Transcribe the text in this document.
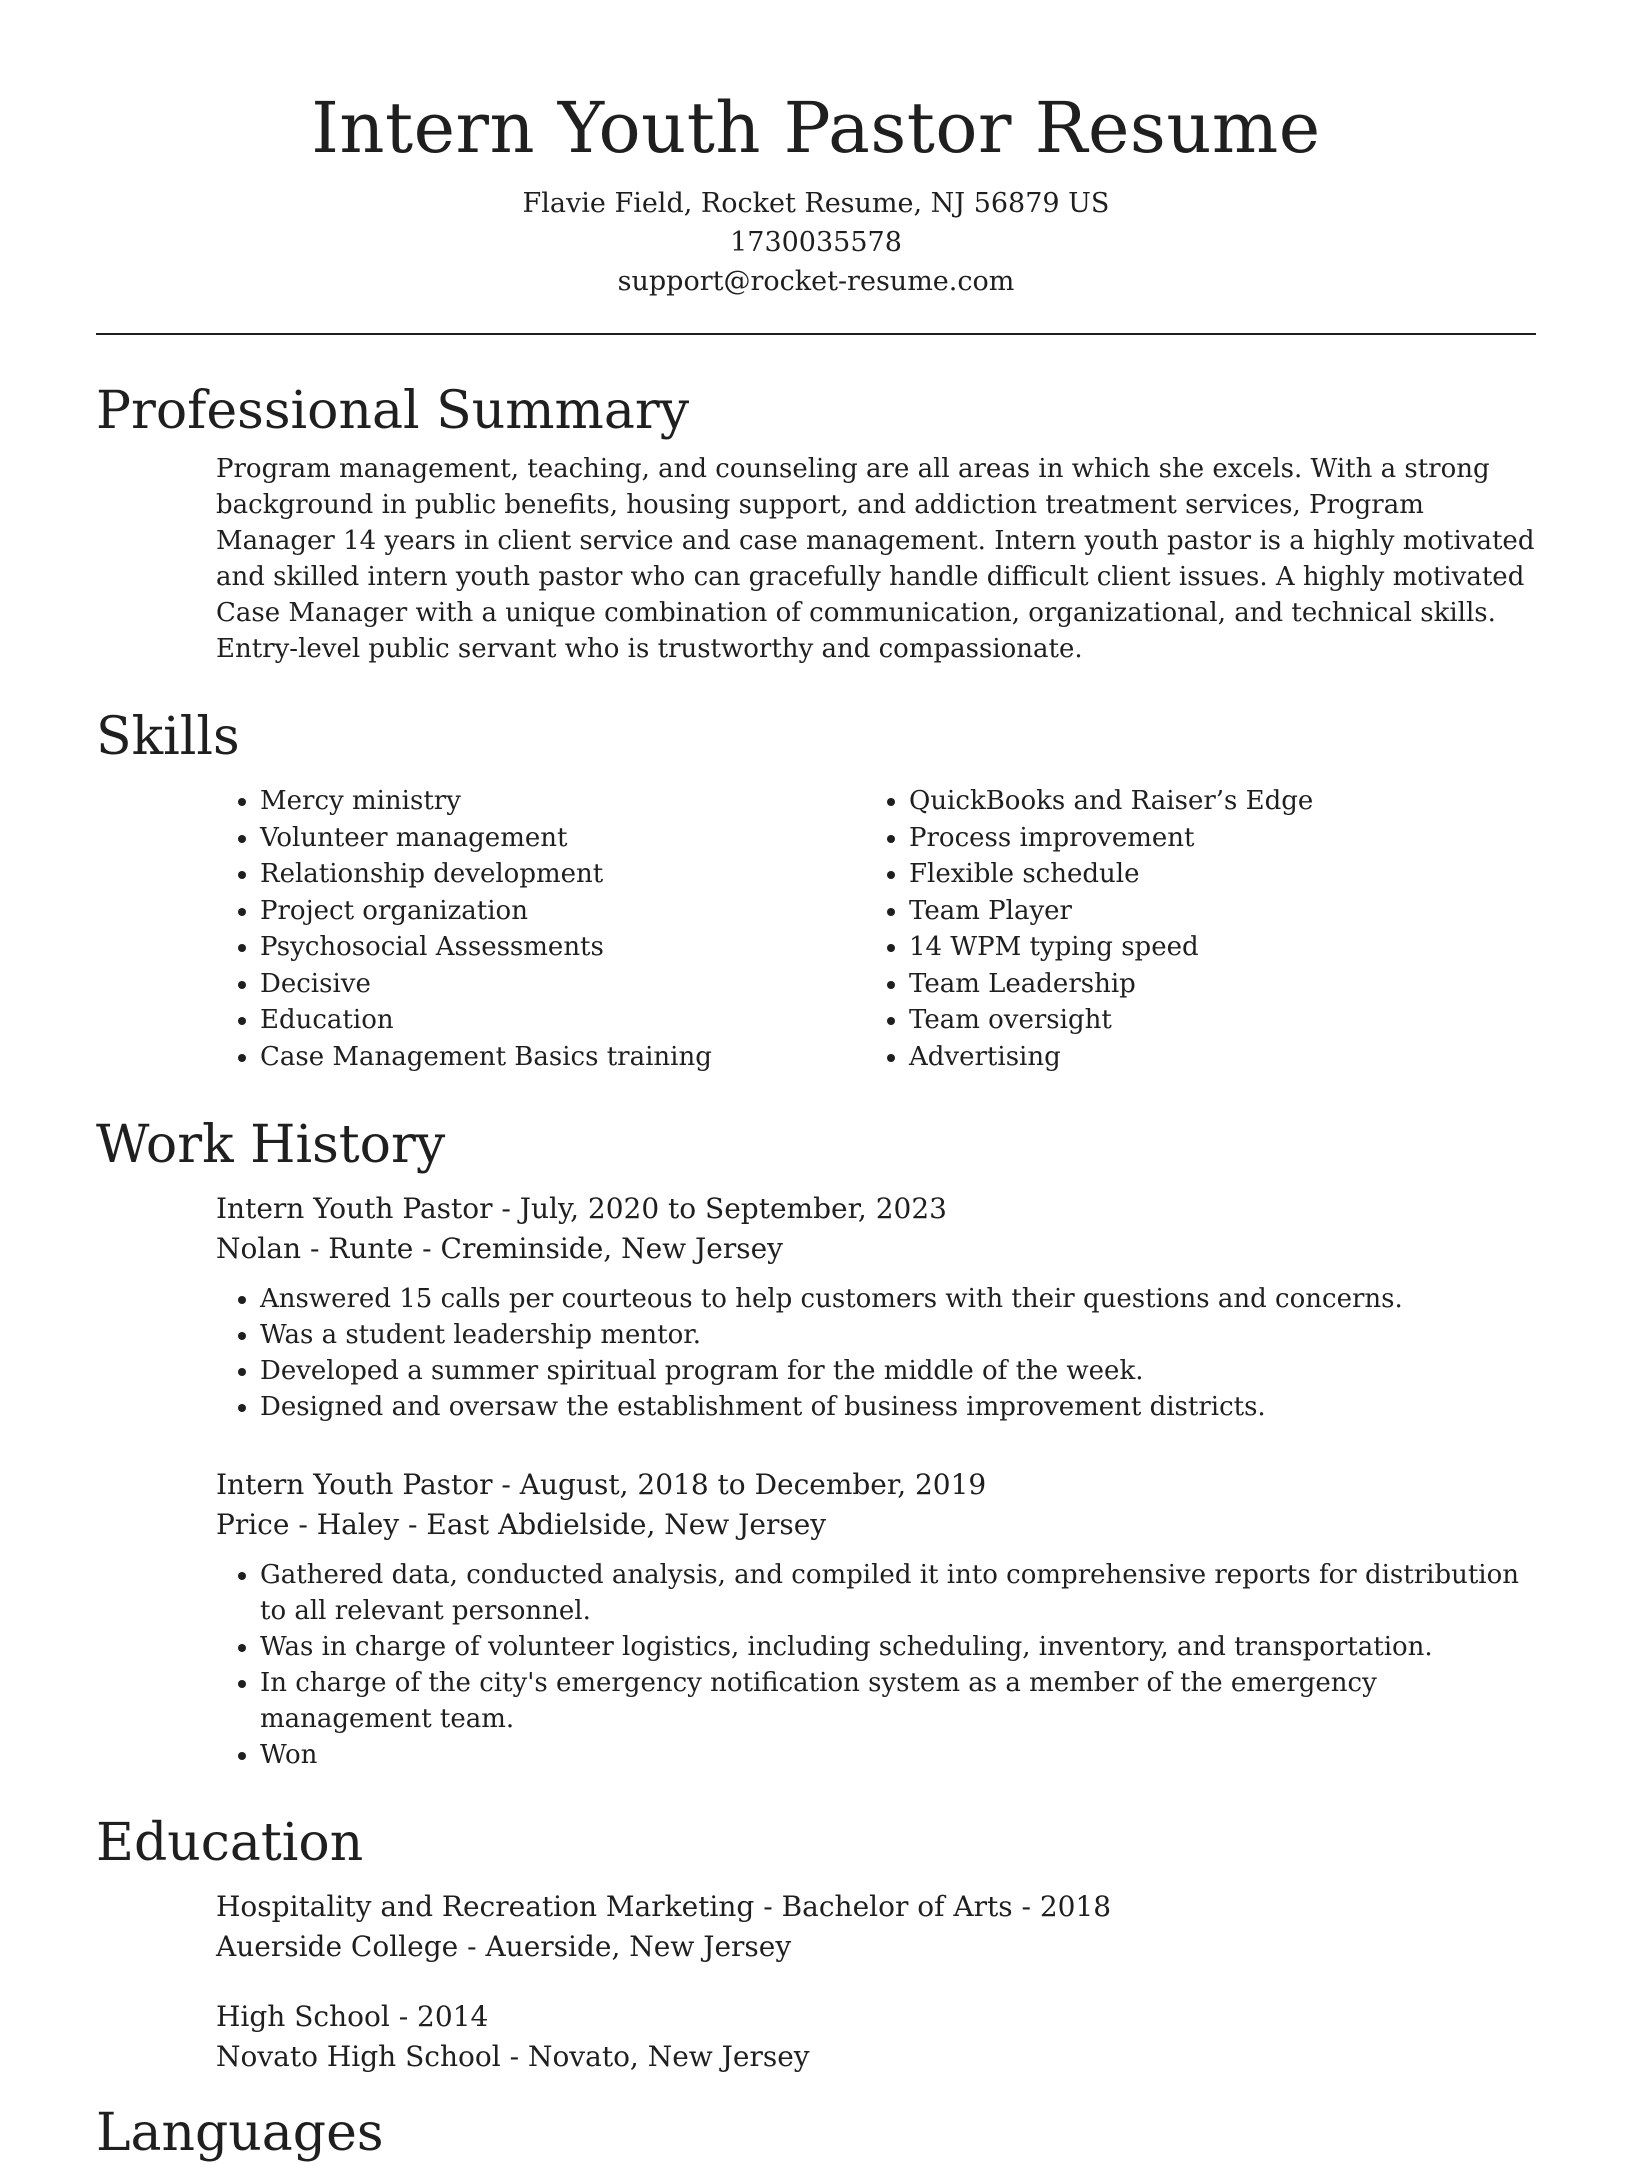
Intern Youth Pastor Resume

Flavie Field, Rocket Resume, NJ 56879 US

1730035578

support@rocket-resume.com

Professional Summary

Program management, teaching, and counseling are all areas in which she excels. With a strong background in public benefits, housing support, and addiction treatment services, Program Manager 14 years in client service and case management. Intern youth pastor is a highly motivated and skilled intern youth pastor who can gracefully handle difficult client issues. A highly motivated Case Manager with a unique combination of communication, organizational, and technical skills. Entry-level public servant who is trustworthy and compassionate.

Skills
• Mercy ministry
• Volunteer management
• Relationship development
• Project organization
• Psychosocial Assessments
• Decisive
• Education
• Case Management Basics training
• QuickBooks and Raiser’s Edge
• Process improvement
• Flexible schedule
• Team Player
• 14 WPM typing speed
• Team Leadership
• Team oversight
• Advertising
Work History

Intern Youth Pastor - July, 2020 to September, 2023

Nolan - Runte - Creminside, New Jersey

• Answered 15 calls per courteous to help customers with their questions and concerns.
• Was a student leadership mentor.
• Developed a summer spiritual program for the middle of the week.
• Designed and oversaw the establishment of business improvement districts.

Intern Youth Pastor - August, 2018 to December, 2019

Price - Haley - East Abdielside, New Jersey

• Gathered data, conducted analysis, and compiled it into comprehensive reports for distribution to all relevant personnel.
• Was in charge of volunteer logistics, including scheduling, inventory, and transportation.
• In charge of the city's emergency notification system as a member of the emergency management team.
• Won
Education

Hospitality and Recreation Marketing - Bachelor of Arts - 2018

Auerside College - Auerside, New Jersey

High School - 2014

Novato High School - Novato, New Jersey

Languages
